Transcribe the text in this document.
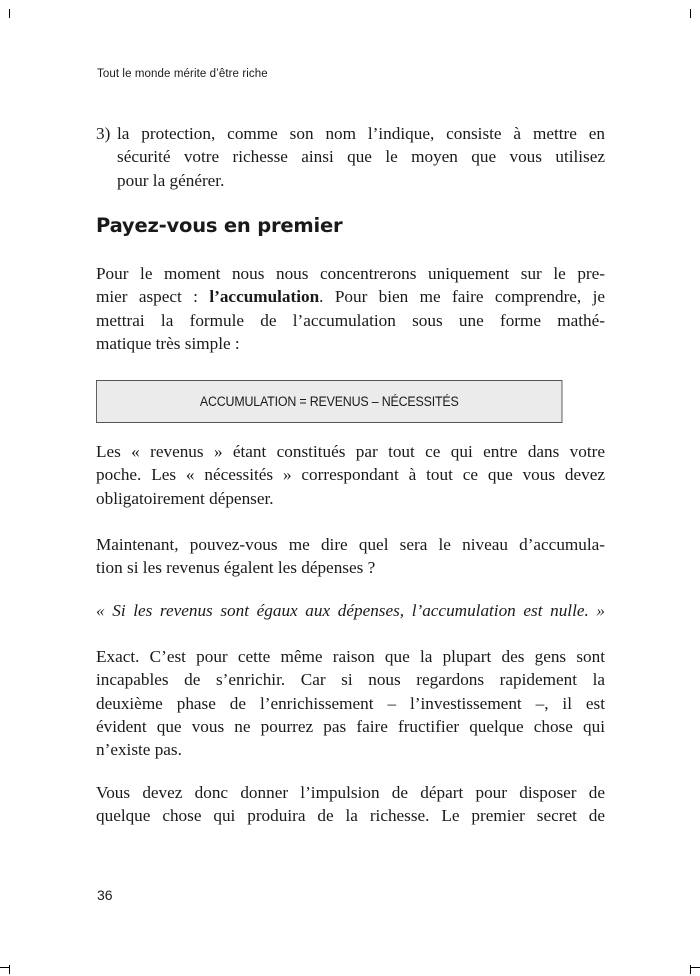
Tout le monde mérite d’être riche
3) la protection, comme son nom l’indique, consiste à mettre en
sécurité votre richesse ainsi que le moyen que vous utilisez
pour la générer.
Payez-vous en premier
Pour le moment nous nous concentrerons uniquement sur le pre-
mier aspect : l’accumulation. Pour bien me faire comprendre, je
mettrai la formule de l’accumulation sous une forme mathé-
matique très simple :
ACCUMULATION = REVENUS – NÉCESSITÉS
Les « revenus » étant constitués par tout ce qui entre dans votre
poche. Les « nécessités » correspondant à tout ce que vous devez
obligatoirement dépenser.
Maintenant, pouvez-vous me dire quel sera le niveau d’accumula-
tion si les revenus égalent les dépenses ?
« Si les revenus sont égaux aux dépenses, l’accumulation est nulle. »
Exact. C’est pour cette même raison que la plupart des gens sont
incapables de s’enrichir. Car si nous regardons rapidement la
deuxième phase de l’enrichissement – l’investissement –, il est
évident que vous ne pourrez pas faire fructifier quelque chose qui
n’existe pas.
Vous devez donc donner l’impulsion de départ pour disposer de
quelque chose qui produira de la richesse. Le premier secret de
36
